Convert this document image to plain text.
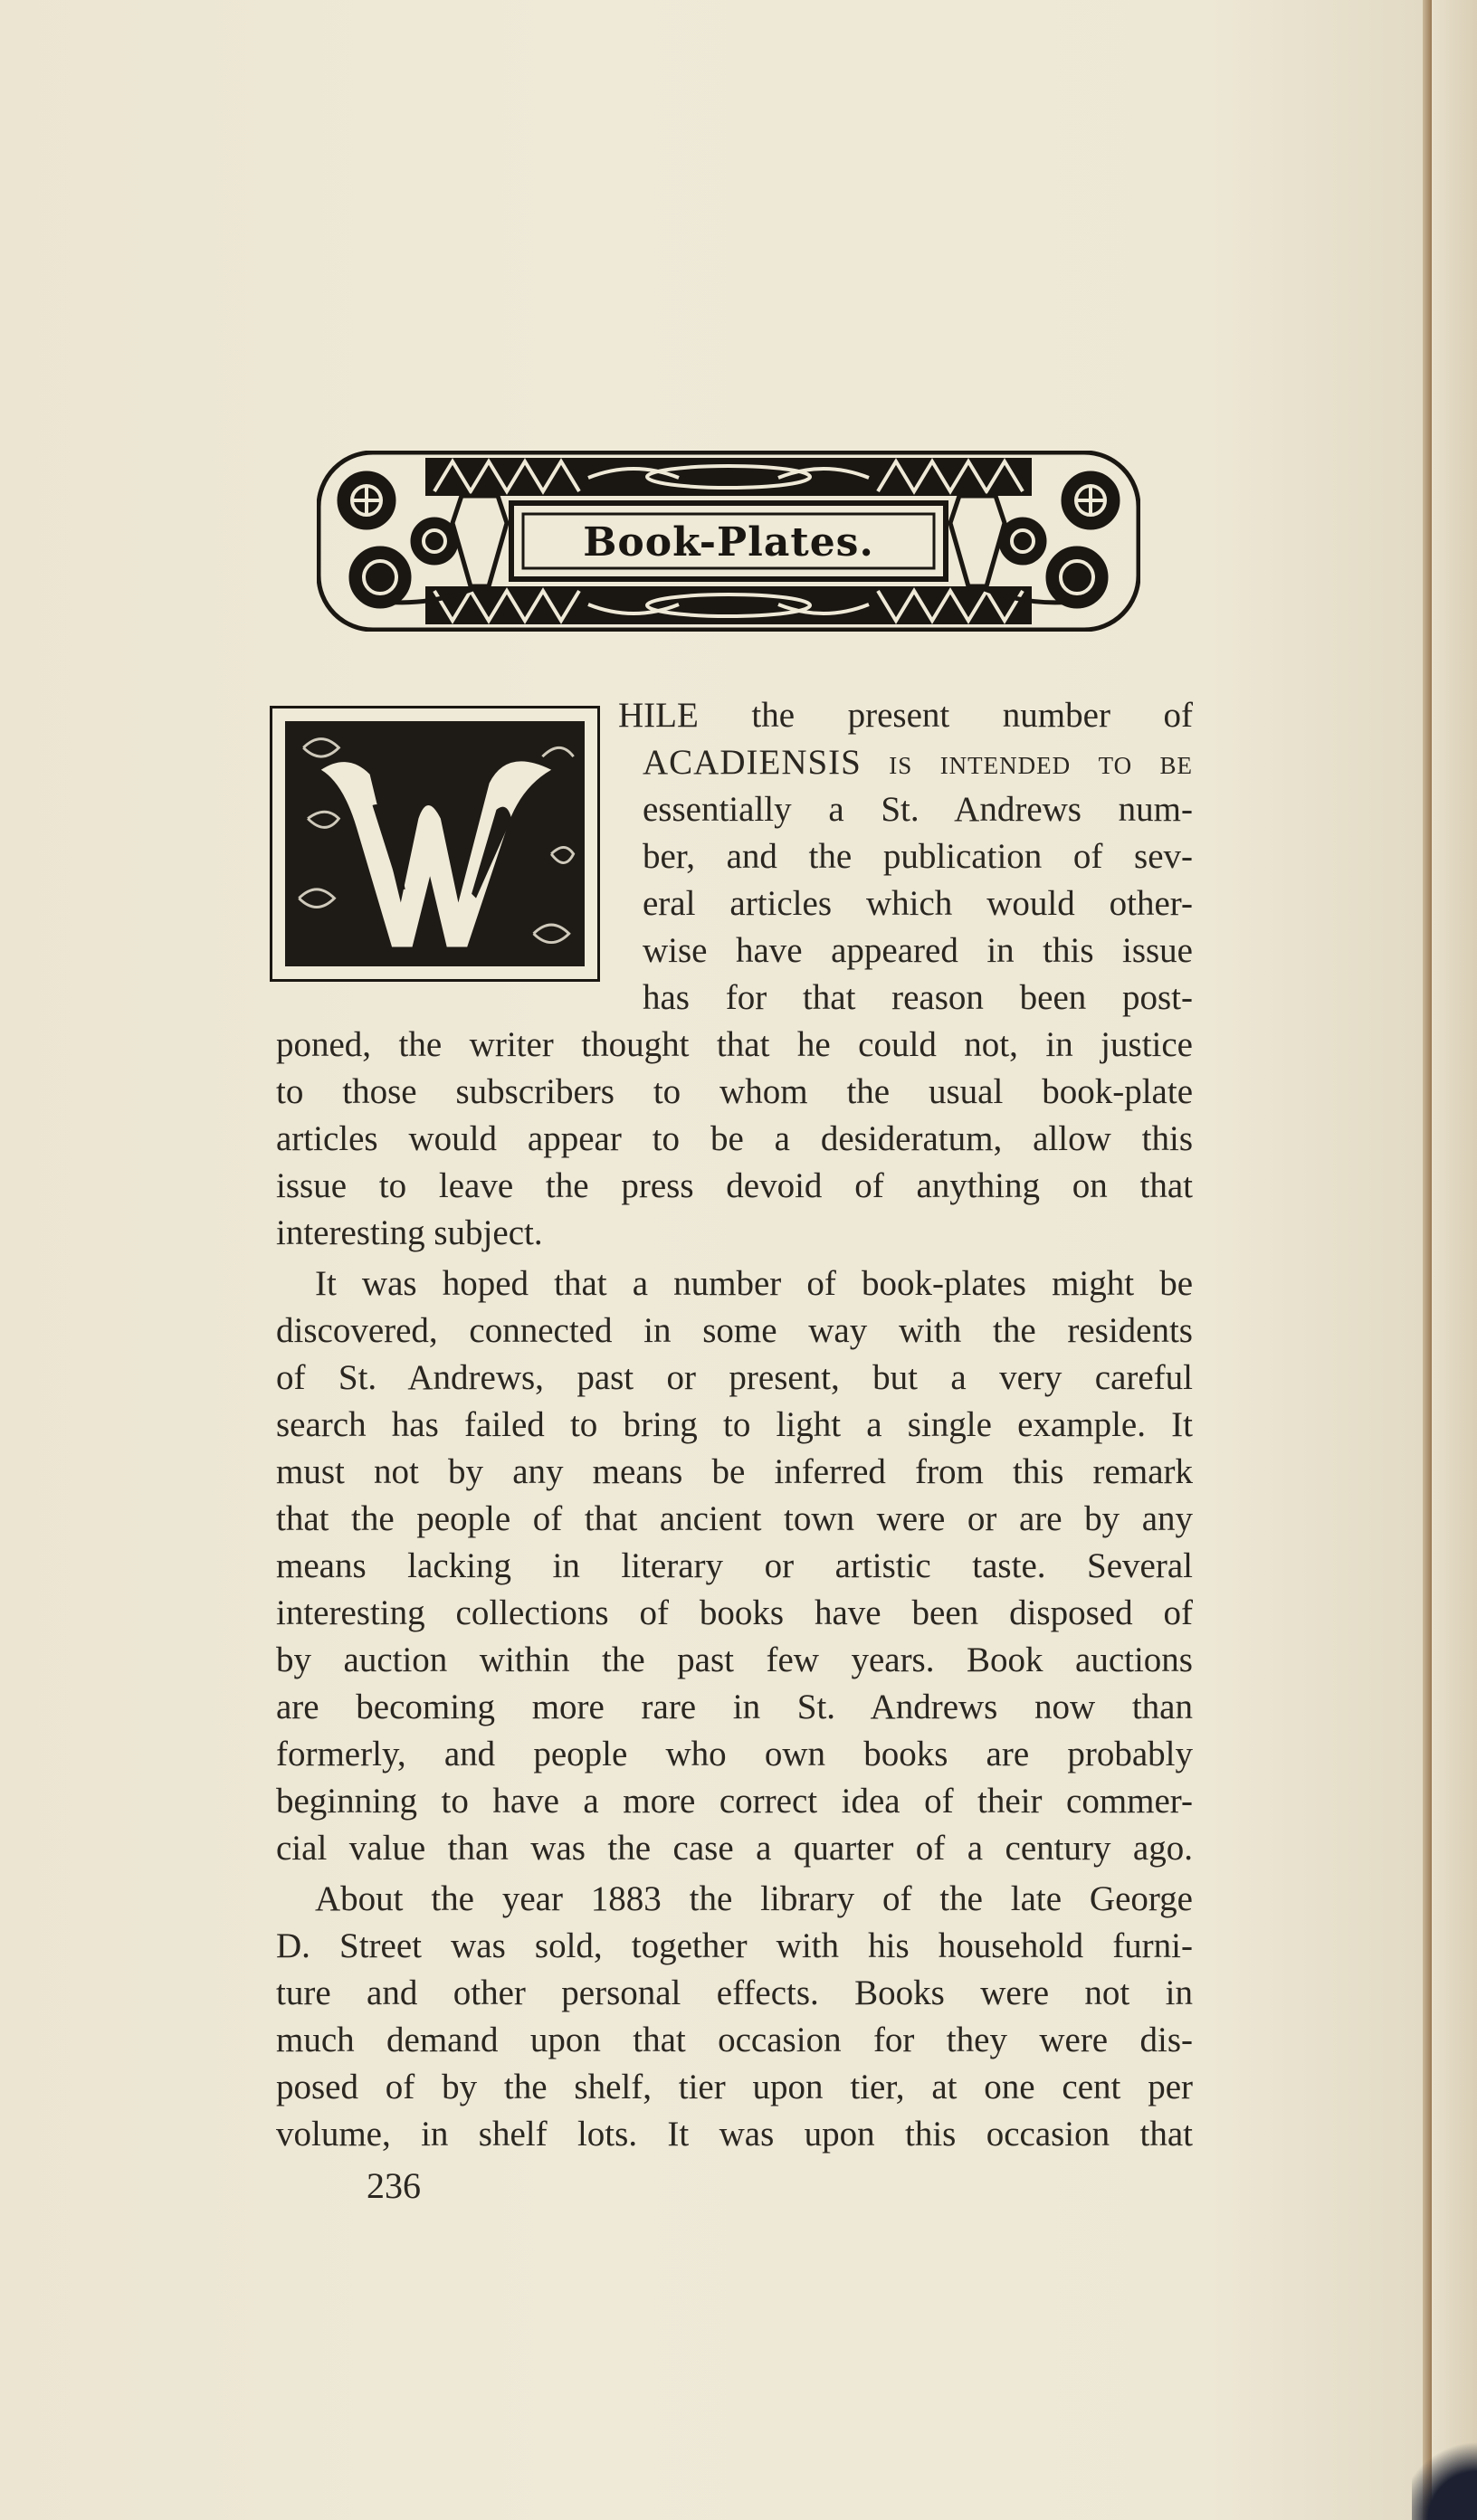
Book-Plates.
HILE the present number of
ACADIENSIS is intended to be
essentially a St. Andrews num-
ber, and the publication of sev-
eral articles which would other-
wise have appeared in this issue
has for that reason been post-
poned, the writer thought that he could not, in justice
to those subscribers to whom the usual book-plate
articles would appear to be a desideratum, allow this
issue to leave the press devoid of anything on that
interesting subject.
It was hoped that a number of book-plates might be
discovered, connected in some way with the residents
of St. Andrews, past or present, but a very careful
search has failed to bring to light a single example. It
must not by any means be inferred from this remark
that the people of that ancient town were or are by any
means lacking in literary or artistic taste. Several
interesting collections of books have been disposed of
by auction within the past few years. Book auctions
are becoming more rare in St. Andrews now than
formerly, and people who own books are probably
beginning to have a more correct idea of their commer-
cial value than was the case a quarter of a century ago.
About the year 1883 the library of the late George
D. Street was sold, together with his household furni-
ture and other personal effects. Books were not in
much demand upon that occasion for they were dis-
posed of by the shelf, tier upon tier, at one cent per
volume, in shelf lots. It was upon this occasion that
236
